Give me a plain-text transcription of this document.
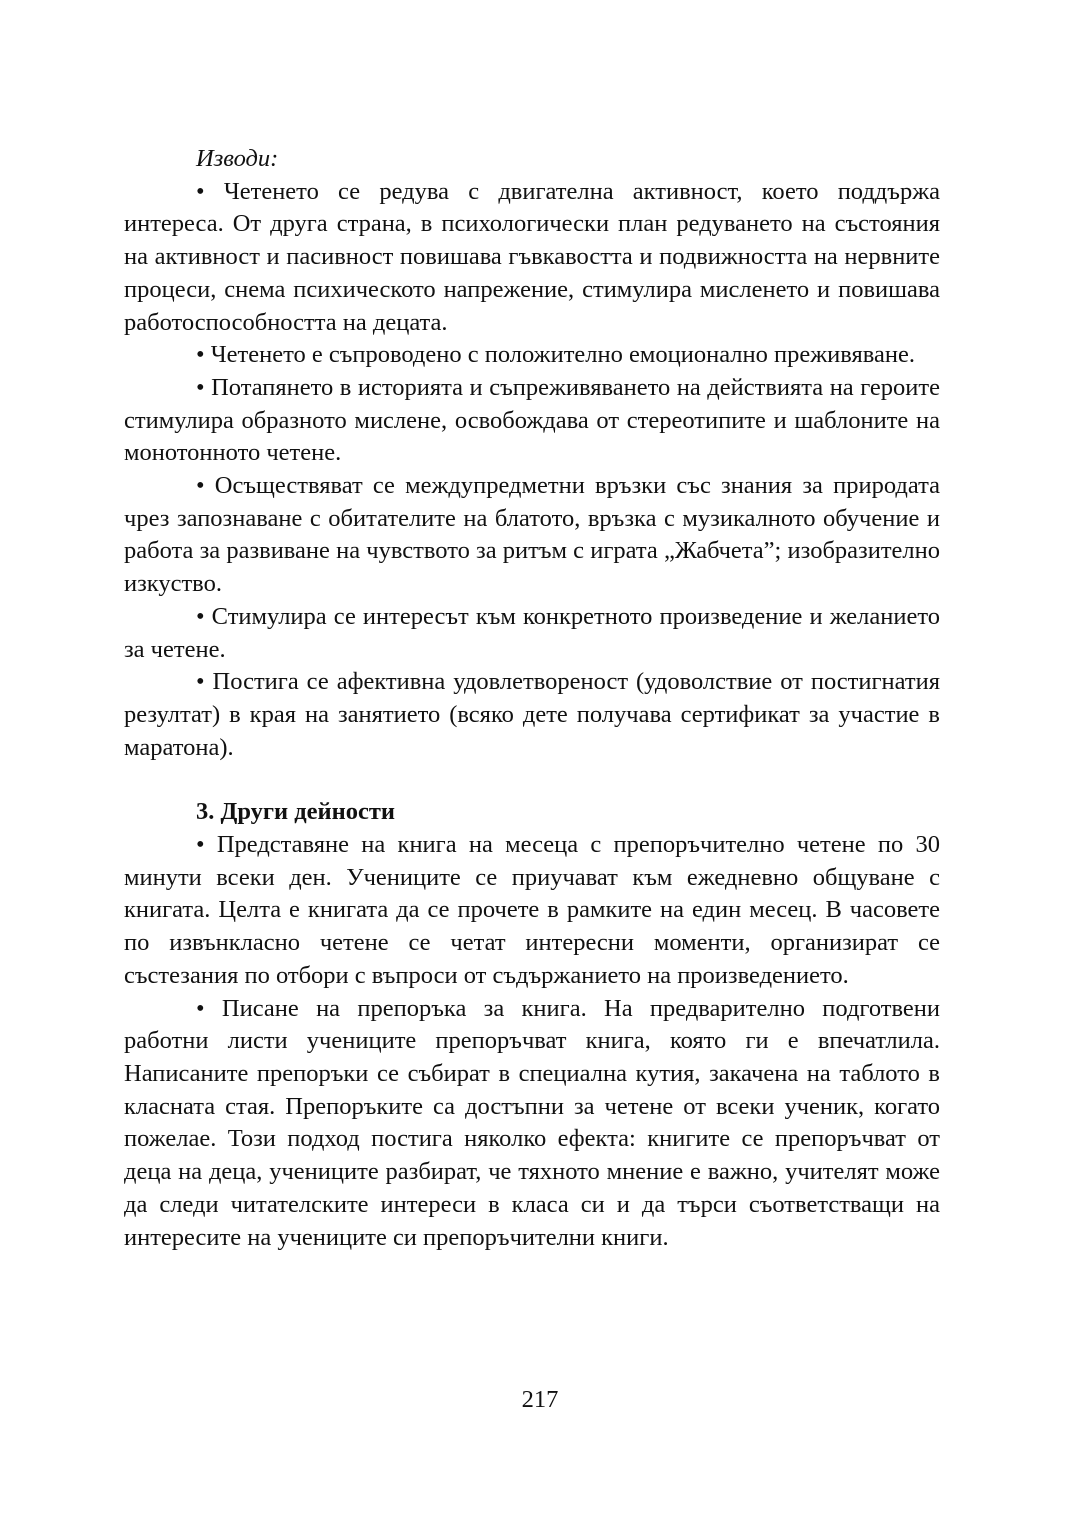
Изводи:

• Четенето се редува с двигателна активност, което поддържа интереса. От друга страна, в психологически план редуването на състояния на активност и пасивност повишава гъвкавостта и подвижността на нервните процеси, снема психическото напрежение, стимулира мисленето и повишава работоспособността на децата.

• Четенето е съпроводено с положително емоционално преживяване.

• Потапянето в историята и съпреживяването на действията на героите стимулира образното мислене, освобождава от стереотипите и шаблоните на монотонното четене.

• Осъществяват се междупредметни връзки със знания за природата чрез запознаване с обитателите на блатото, връзка с музикалното обучение и работа за развиване на чувството за ритъм с играта „Жабчета”; изобразително изкуство.

• Стимулира се интересът към конкретното произведение и желанието за четене.

• Постига се афективна удовлетвореност (удоволствие от постигнатия резултат) в края на занятието (всяко дете получава сертификат за участие в маратона).

3. Други дейности

• Представяне на книга на месеца с препоръчително четене по 30 минути всеки ден. Учениците се приучават към ежедневно общуване с книгата. Целта е книгата да се прочете в рамките на един месец. В часовете по извънкласно четене се четат интересни моменти, организират се състезания по отбори с въпроси от съдържанието на произведението.

• Писане на препоръка за книга. На предварително подготвени работни листи учениците препоръчват книга, която ги е впечатлила. Написаните препоръки се събират в специална кутия, закачена на таблото в класната стая. Препоръките са достъпни за четене от всеки ученик, когато пожелае. Този подход постига няколко ефекта: книгите се препоръчват от деца на деца, учениците разбират, че тяхното мнение е важно, учителят може да следи читателските интереси в класа си и да търси съответстващи на интересите на учениците си препоръчителни книги.

217
